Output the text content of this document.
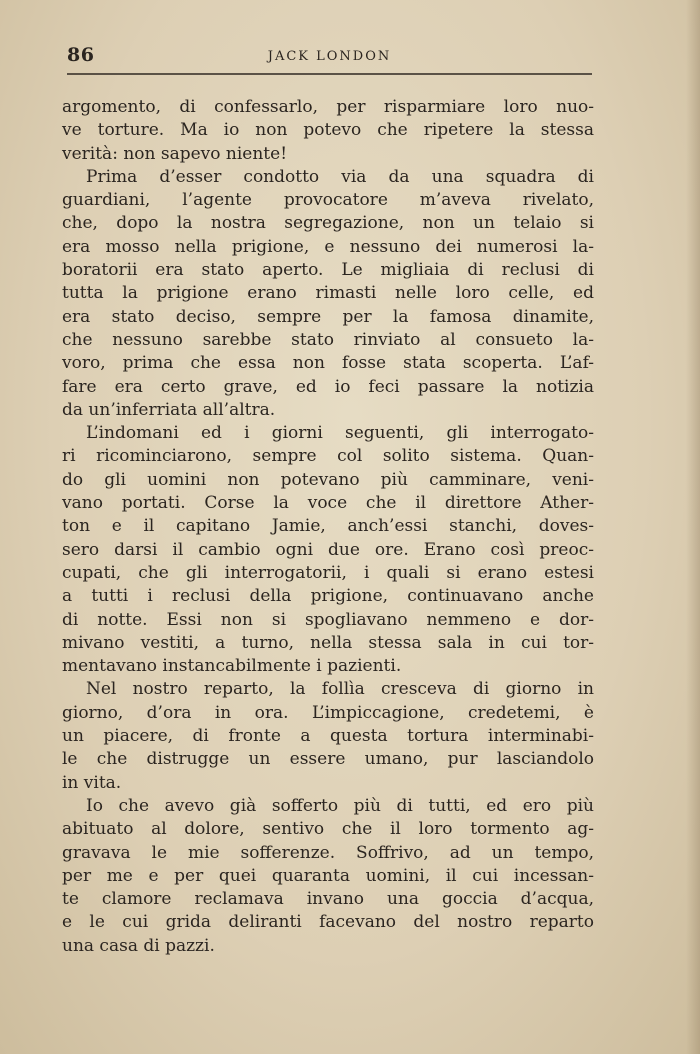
86	JACK LONDON
argomento, di confessarlo, per risparmiare loro nuo-
ve torture. Ma io non potevo che ripetere la stessa
verità: non sapevo niente!
Prima d’esser condotto via da una squadra di
guardiani, l’agente provocatore m’aveva rivelato,
che, dopo la nostra segregazione, non un telaio si
era mosso nella prigione, e nessuno dei numerosi la-
boratorii era stato aperto. Le migliaia di reclusi di
tutta la prigione erano rimasti nelle loro celle, ed
era stato deciso, sempre per la famosa dinamite,
che nessuno sarebbe stato rinviato al consueto la-
voro, prima che essa non fosse stata scoperta. L’af-
fare era certo grave, ed io feci passare la notizia
da un’inferriata all’altra.
L’indomani ed i giorni seguenti, gli interrogato-
ri ricominciarono, sempre col solito sistema. Quan-
do gli uomini non potevano più camminare, veni-
vano portati. Corse la voce che il direttore Ather-
ton e il capitano Jamie, anch’essi stanchi, doves-
sero darsi il cambio ogni due ore. Erano così preoc-
cupati, che gli interrogatorii, i quali si erano estesi
a tutti i reclusi della prigione, continuavano anche
di notte. Essi non si spogliavano nemmeno e dor-
mivano vestiti, a turno, nella stessa sala in cui tor-
mentavano instancabilmente i pazienti.
Nel nostro reparto, la follìa cresceva di giorno in
giorno, d’ora in ora. L’impiccagione, credetemi, è
un piacere, di fronte a questa tortura interminabi-
le che distrugge un essere umano, pur lasciandolo
in vita.
Io che avevo già sofferto più di tutti, ed ero più
abituato al dolore, sentivo che il loro tormento ag-
gravava le mie sofferenze. Soffrivo, ad un tempo,
per me e per quei quaranta uomini, il cui incessan-
te clamore reclamava invano una goccia d’acqua,
e le cui grida deliranti facevano del nostro reparto
una casa di pazzi.
